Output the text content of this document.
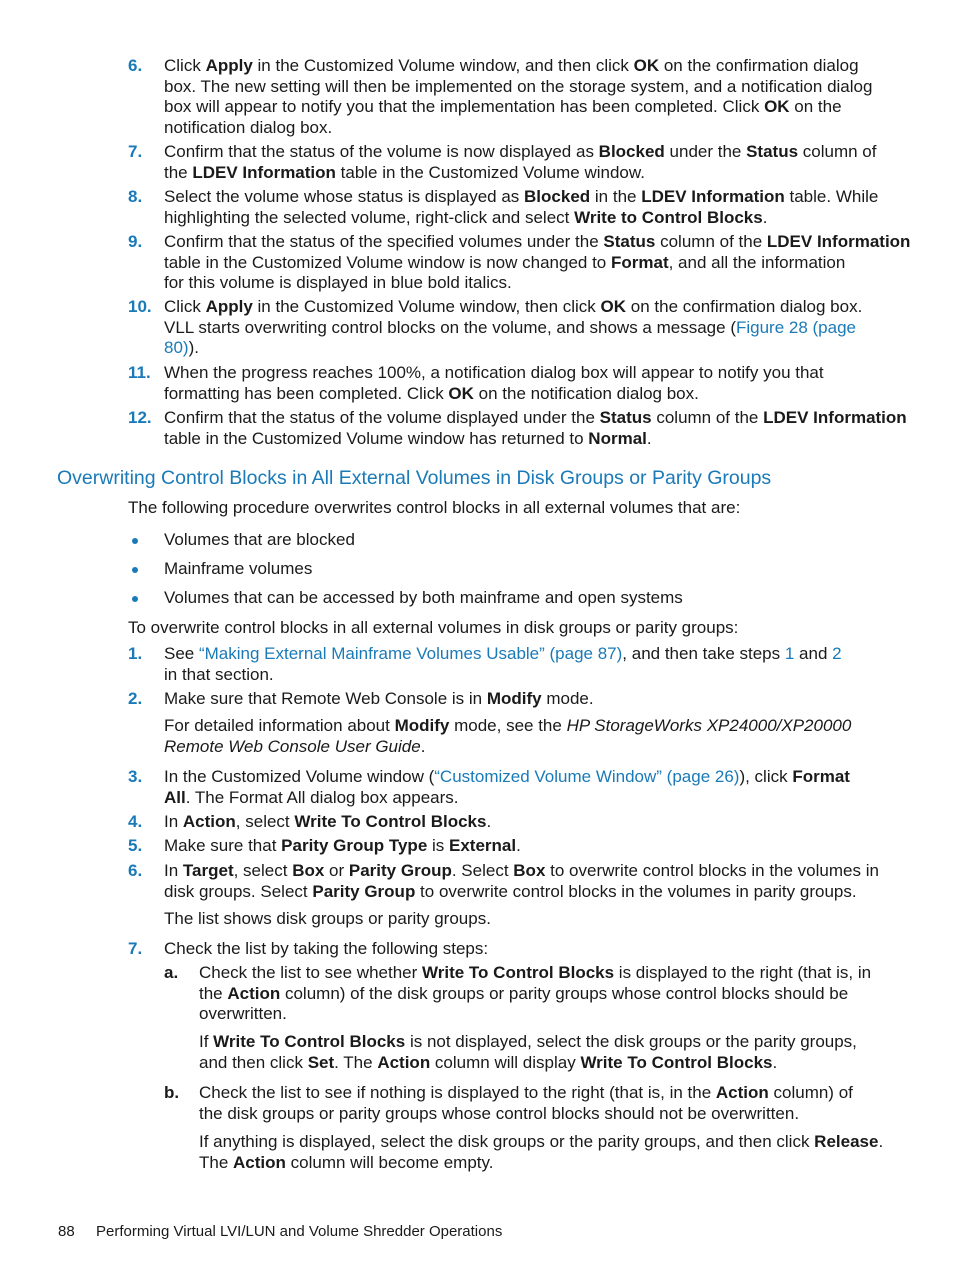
6. Click Apply in the Customized Volume window, and then click OK on the confirmation dialog
box. The new setting will then be implemented on the storage system, and a notification dialog
box will appear to notify you that the implementation has been completed. Click OK on the
notification dialog box.
7. Confirm that the status of the volume is now displayed as Blocked under the Status column of
the LDEV Information table in the Customized Volume window.
8. Select the volume whose status is displayed as Blocked in the LDEV Information table. While
highlighting the selected volume, right-click and select Write to Control Blocks.
9. Confirm that the status of the specified volumes under the Status column of the LDEV Information
table in the Customized Volume window is now changed to Format, and all the information
for this volume is displayed in blue bold italics.
10. Click Apply in the Customized Volume window, then click OK on the confirmation dialog box.
VLL starts overwriting control blocks on the volume, and shows a message (Figure 28 (page
80)).
11. When the progress reaches 100%, a notification dialog box will appear to notify you that
formatting has been completed. Click OK on the notification dialog box.
12. Confirm that the status of the volume displayed under the Status column of the LDEV Information
table in the Customized Volume window has returned to Normal.
Overwriting Control Blocks in All External Volumes in Disk Groups or Parity Groups
The following procedure overwrites control blocks in all external volumes that are:
Volumes that are blocked
Mainframe volumes
Volumes that can be accessed by both mainframe and open systems
To overwrite control blocks in all external volumes in disk groups or parity groups:
1. See “Making External Mainframe Volumes Usable” (page 87), and then take steps 1 and 2
in that section.
2. Make sure that Remote Web Console is in Modify mode.
For detailed information about Modify mode, see the HP StorageWorks XP24000/XP20000
Remote Web Console User Guide.
3. In the Customized Volume window (“Customized Volume Window” (page 26)), click Format
All. The Format All dialog box appears.
4. In Action, select Write To Control Blocks.
5. Make sure that Parity Group Type is External.
6. In Target, select Box or Parity Group. Select Box to overwrite control blocks in the volumes in
disk groups. Select Parity Group to overwrite control blocks in the volumes in parity groups.
The list shows disk groups or parity groups.
7. Check the list by taking the following steps:
a. Check the list to see whether Write To Control Blocks is displayed to the right (that is, in
the Action column) of the disk groups or parity groups whose control blocks should be
overwritten.
If Write To Control Blocks is not displayed, select the disk groups or the parity groups,
and then click Set. The Action column will display Write To Control Blocks.
b. Check the list to see if nothing is displayed to the right (that is, in the Action column) of
the disk groups or parity groups whose control blocks should not be overwritten.
If anything is displayed, select the disk groups or the parity groups, and then click Release.
The Action column will become empty.
88 Performing Virtual LVI/LUN and Volume Shredder Operations
